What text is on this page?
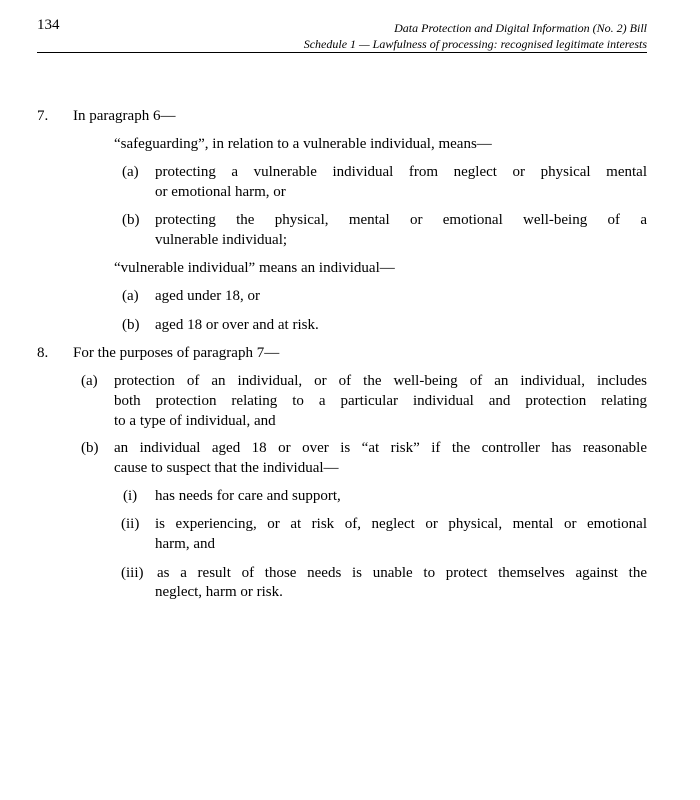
134	Data Protection and Digital Information (No. 2) Bill
Schedule 1 — Lawfulness of processing: recognised legitimate interests
7. In paragraph 6—
“safeguarding”, in relation to a vulnerable individual, means—
(a) protecting a vulnerable individual from neglect or physical mental
or emotional harm, or
(b) protecting the physical, mental or emotional well-being of a
vulnerable individual;
“vulnerable individual” means an individual—
(a) aged under 18, or
(b) aged 18 or over and at risk.
8. For the purposes of paragraph 7—
(a) protection of an individual, or of the well-being of an individual, includes
both protection relating to a particular individual and protection relating
to a type of individual, and
(b) an individual aged 18 or over is “at risk” if the controller has reasonable
cause to suspect that the individual—
(i) has needs for care and support,
(ii) is experiencing, or at risk of, neglect or physical, mental or emotional
harm, and
(iii) as a result of those needs is unable to protect themselves against the
neglect, harm or risk.
